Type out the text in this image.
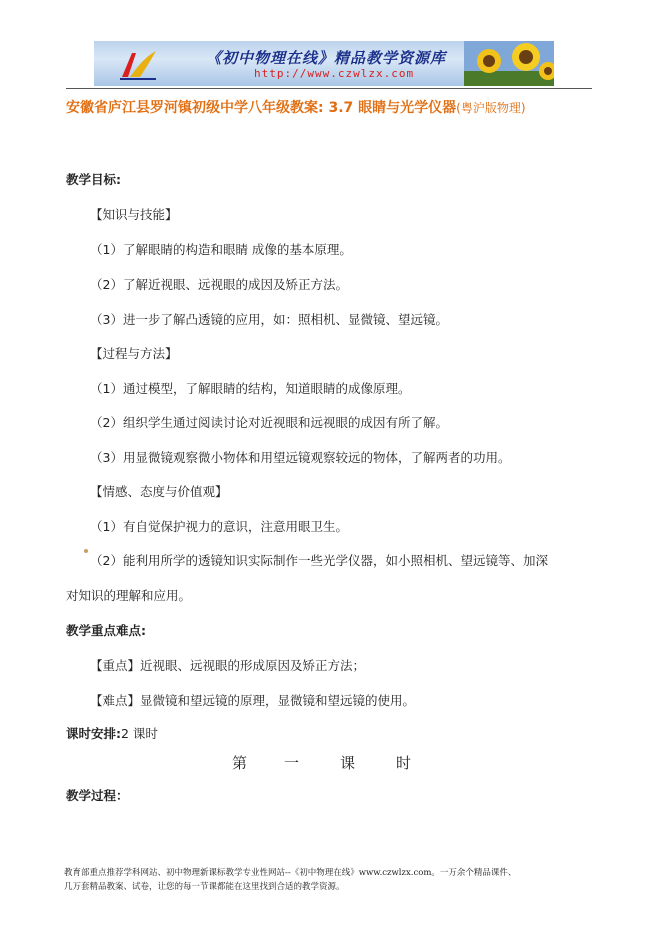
《初中物理在线》精品教学资源库
http://www.czwlzx.com
安徽省庐江县罗河镇初级中学八年级教案: 3.7 眼睛与光学仪器(粤沪版物理)
教学目标:
【知识与技能】
（1）了解眼睛的构造和眼睛 成像的基本原理。
（2）了解近视眼、远视眼的成因及矫正方法。
（3）进一步了解凸透镜的应用，如：照相机、显微镜、望远镜。
【过程与方法】
（1）通过模型，了解眼睛的结构，知道眼睛的成像原理。
（2）组织学生通过阅读讨论对近视眼和远视眼的成因有所了解。
（3）用显微镜观察微小物体和用望远镜观察较远的物体，了解两者的功用。
【情感、态度与价值观】
（1）有自觉保护视力的意识，注意用眼卫生。
（2）能利用所学的透镜知识实际制作一些光学仪器，如小照相机、望远镜等、加深
对知识的理解和应用。
教学重点难点:
【重点】近视眼、远视眼的形成原因及矫正方法；
【难点】显微镜和望远镜的原理，显微镜和望远镜的使用。
课时安排:2 课时
第 一	课	时
教学过程：
教育部重点推荐学科网站、初中物理新课标教学专业性网站--《初中物理在线》www.czwlzx.com。一万余个精品课件、
几万套精品教案、试卷，让您的每一节课都能在这里找到合适的教学资源。
